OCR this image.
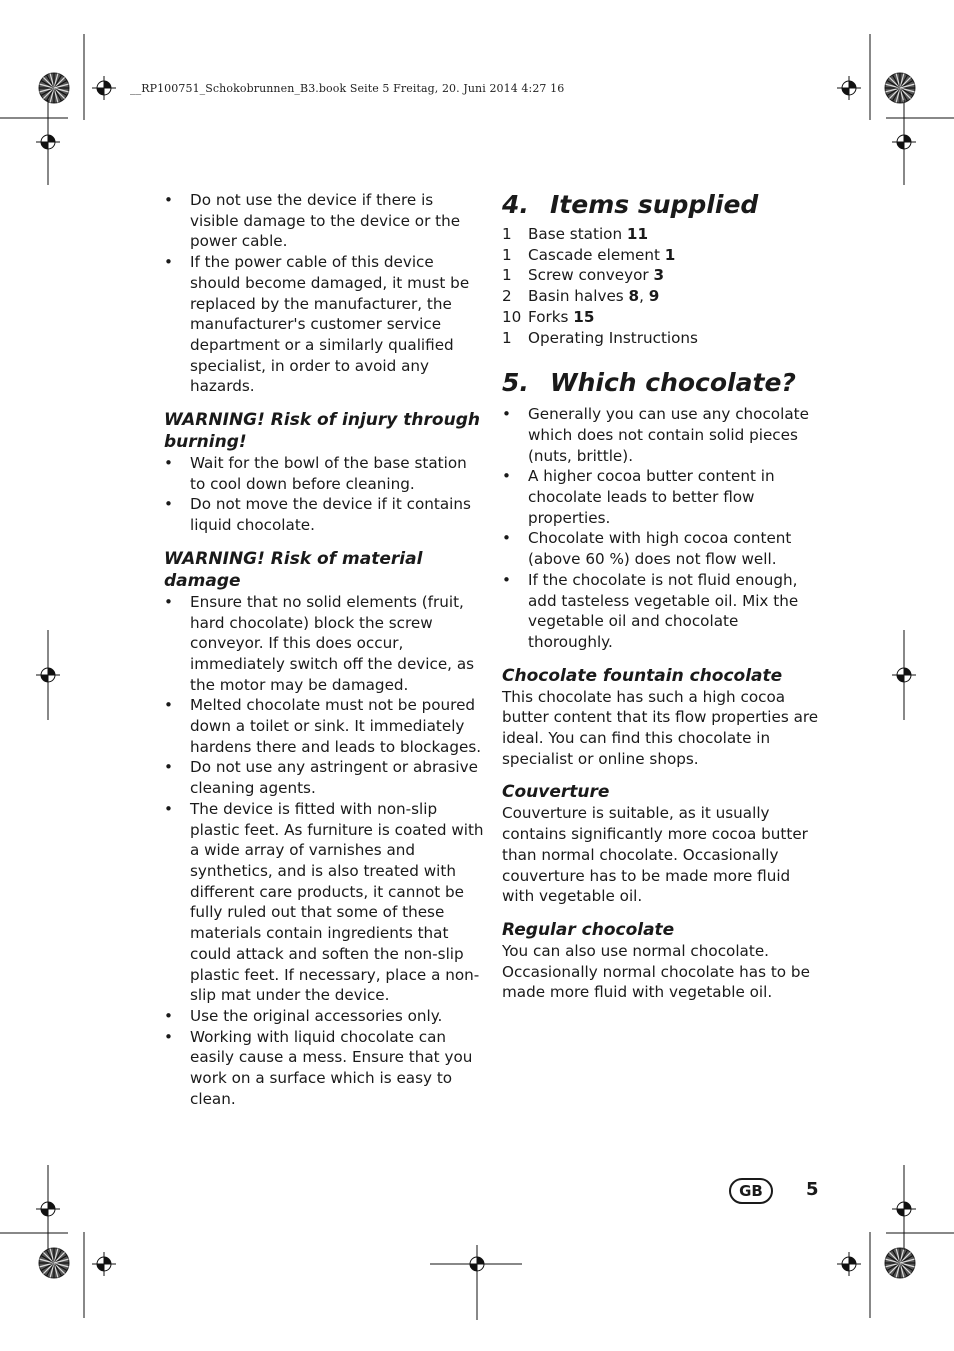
__RP100751_Schokobrunnen_B3.book Seite 5 Freitag, 20. Juni 2014 4:27 16
• Do not use the device if there is visible damage to the device or the power cable.
• If the power cable of this device should become damaged, it must be replaced by the manufacturer, the manufacturer's customer service department or a similarly qualified specialist, in order to avoid any hazards.
WARNING! Risk of injury through burning!
• Wait for the bowl of the base station to cool down before cleaning.
• Do not move the device if it contains liquid chocolate.
WARNING! Risk of material damage
• Ensure that no solid elements (fruit, hard chocolate) block the screw conveyor. If this does occur, immediately switch off the device, as the motor may be damaged.
• Melted chocolate must not be poured down a toilet or sink. It immediately hardens there and leads to blockages.
• Do not use any astringent or abrasive cleaning agents.
• The device is fitted with non-slip plastic feet. As furniture is coated with a wide array of varnishes and synthetics, and is also treated with different care products, it cannot be fully ruled out that some of these materials contain ingredients that could attack and soften the non-slip plastic feet. If necessary, place a non-slip mat under the device.
• Use the original accessories only.
• Working with liquid chocolate can easily cause a mess. Ensure that you work on a surface which is easy to clean.
4. Items supplied
1 Base station 11
1 Cascade element 1
1 Screw conveyor 3
2 Basin halves 8, 9
10 Forks 15
1 Operating Instructions
5. Which chocolate?
• Generally you can use any chocolate which does not contain solid pieces (nuts, brittle).
• A higher cocoa butter content in chocolate leads to better flow properties.
• Chocolate with high cocoa content (above 60 %) does not flow well.
• If the chocolate is not fluid enough, add tasteless vegetable oil. Mix the vegetable oil and chocolate thoroughly.
Chocolate fountain chocolate

This chocolate has such a high cocoa butter content that its flow properties are ideal. You can find this chocolate in specialist or online shops.

Couverture

Couverture is suitable, as it usually contains significantly more cocoa butter than normal chocolate. Occasionally couverture has to be made more fluid with vegetable oil.

Regular chocolate

You can also use normal chocolate. Occasionally normal chocolate has to be made more fluid with vegetable oil.

GB	5
